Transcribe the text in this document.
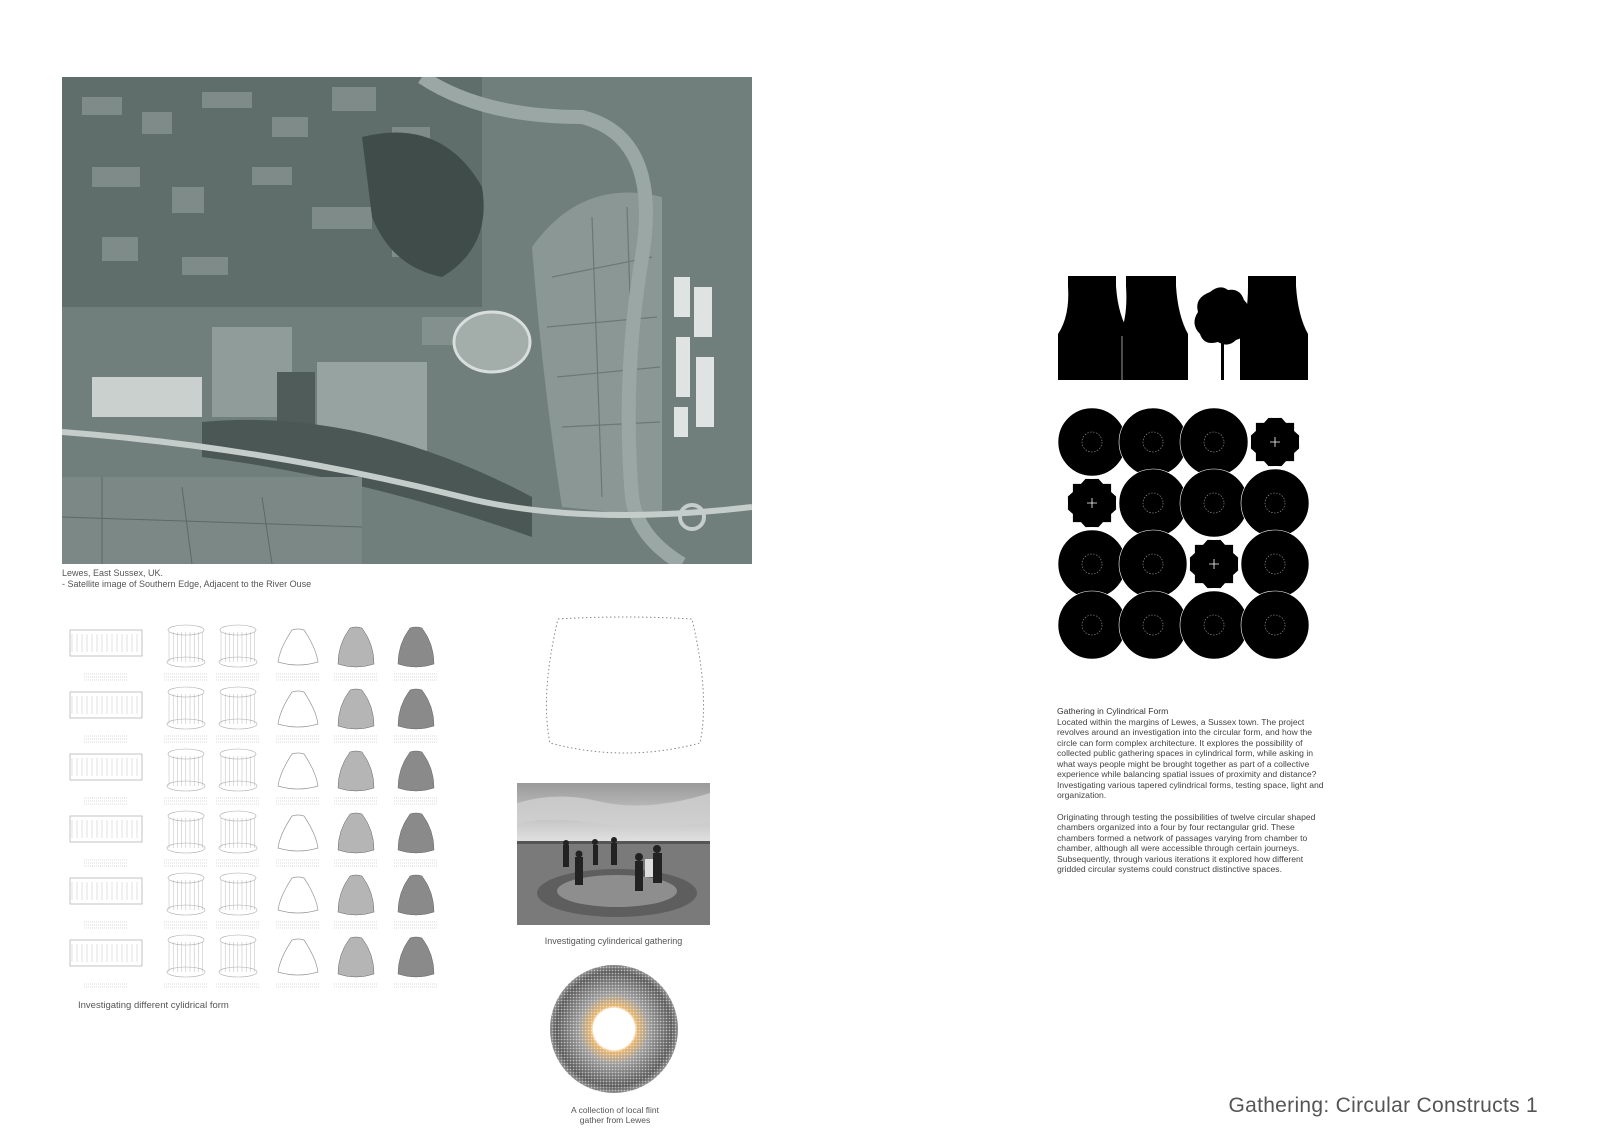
Lewes, East Sussex, UK.
- Satellite image of Southern Edge, Adjacent to the River Ouse
Investigating different cylidrical form
Investigating cylinderical gathering
A collection of local flint
gather from Lewes
Gathering in Cylindrical Form
Located within the margins of Lewes, a Sussex town. The project revolves around an investigation into the circular form, and how the circle can form complex architecture. It explores the possibility of collected public gathering spaces in cylindrical form, while asking in what ways people might be brought together as part of a collective experience while balancing spatial issues of proximity and distance? Investigating various tapered cylindrical forms, testing space, light and organization.
Originating through testing the possibilities of twelve circular shaped chambers organized into a four by four rectangular grid. These chambers formed a network of passages varying from chamber to chamber, although all were accessible through certain journeys. Subsequently, through various iterations it explored how different gridded circular systems could construct distinctive spaces.
Gathering: Circular Constructs 1
